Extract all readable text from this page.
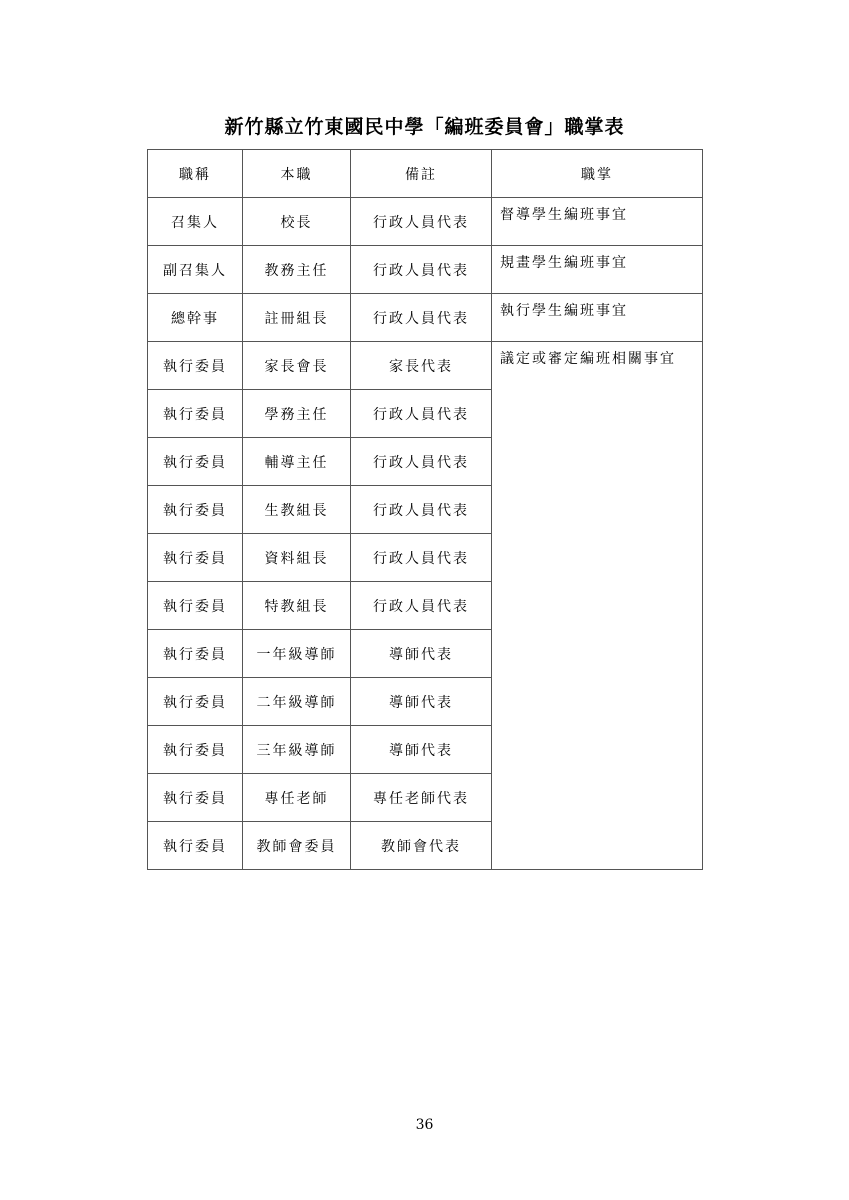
新竹縣立竹東國民中學「編班委員會」職掌表
職稱	本職	備註	職掌
召集人	校長	行政人員代表	督導學生編班事宜
副召集人	教務主任	行政人員代表	規畫學生編班事宜
總幹事	註冊組長	行政人員代表	執行學生編班事宜
執行委員	家長會長	家長代表	議定或審定編班相關事宜
執行委員	學務主任	行政人員代表	
執行委員	輔導主任	行政人員代表	
執行委員	生教組長	行政人員代表	
執行委員	資料組長	行政人員代表	
執行委員	特教組長	行政人員代表	
執行委員	一年級導師	導師代表	
執行委員	二年級導師	導師代表	
執行委員	三年級導師	導師代表	
執行委員	專任老師	專任老師代表	
執行委員	教師會委員	教師會代表	
36
